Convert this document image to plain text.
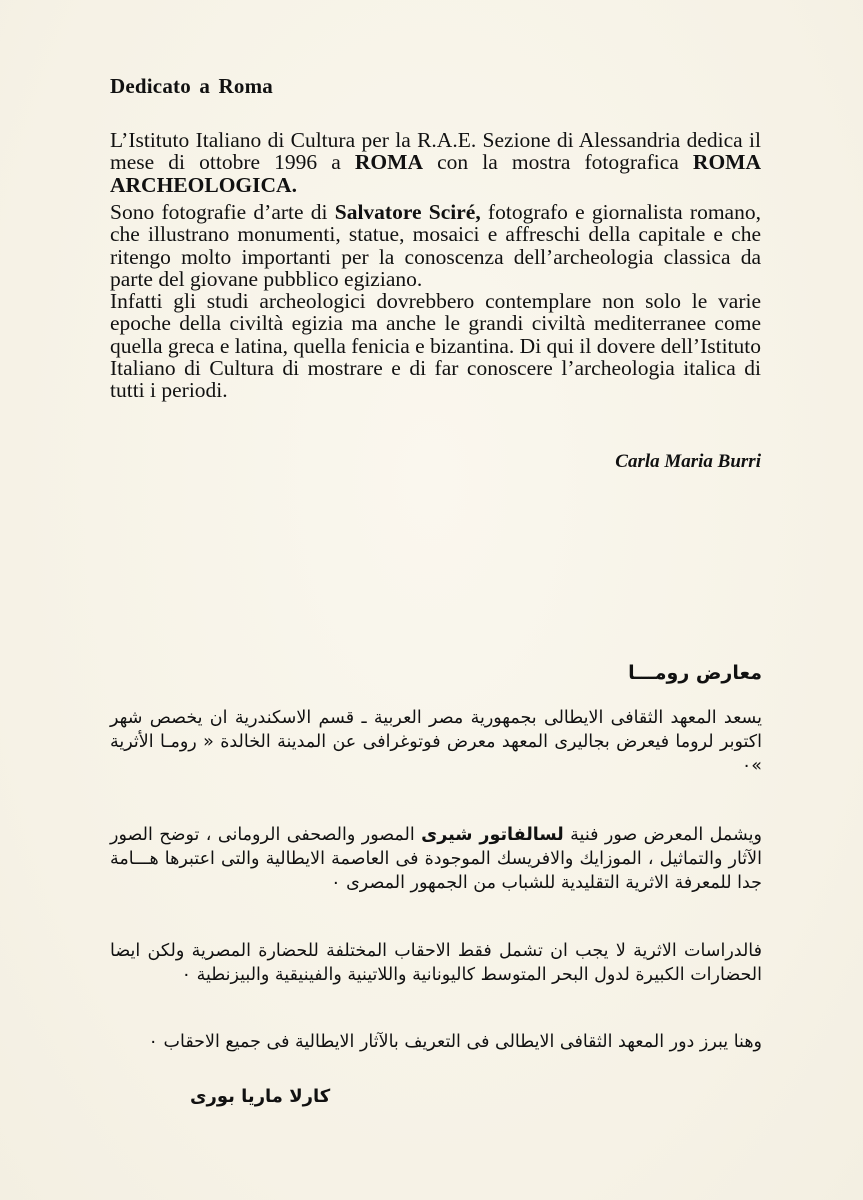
Dedicato a Roma

L’Istituto Italiano di Cultura per la R.A.E. Sezione di Alessandria dedica il mese di ottobre 1996 a ROMA con la mostra fotografica ROMA ARCHEOLOGICA.

Sono fotografie d’arte di Salvatore Sciré, fotografo e giornalista romano, che illustrano monumenti, statue, mosaici e affreschi della capitale e che ritengo molto importanti per la conoscenza dell’archeologia classica da parte del giovane pubblico egiziano.
Infatti gli studi archeologici dovrebbero contemplare non solo le varie epoche della civiltà egizia ma anche le grandi civiltà mediterranee come quella greca e latina, quella fenicia e bizantina. Di qui il dovere dell’Istituto Italiano di Cultura di mostrare e di far conoscere l’archeologia italica di tutti i periodi.

Carla Maria Burri
معارض رومـــا

يسعد المعهد الثقافى الايطالى بجمهورية مصر العربية ـ قسم الاسكندرية ان يخصص شهر اكتوبر لروما فيعرض بجاليرى المعهد معرض فوتوغرافى عن المدينة الخالدة « رومـا الأثرية »٠

ويشمل المعرض صور فنية لسالفاتور شيرى المصور والصحفى الرومانى ، توضح الصور الآثار والتماثيل ، الموزايك والافريسك الموجودة فى العاصمة الايطالية والتى اعتبرها هـــامة جدا للمعرفة الاثرية التقليدية للشباب من الجمهور المصرى ٠

فالدراسات الاثرية لا يجب ان تشمل فقط الاحقاب المختلفة للحضارة المصرية ولكن ايضا الحضارات الكبيرة لدول البحر المتوسط كاليونانية واللاتينية والفينيقية والبيزنطية ٠

وهنا يبرز دور المعهد الثقافى الايطالى فى التعريف بالآثار الايطالية فى جميع الاحقاب ٠

كارلا ماريا بورى
